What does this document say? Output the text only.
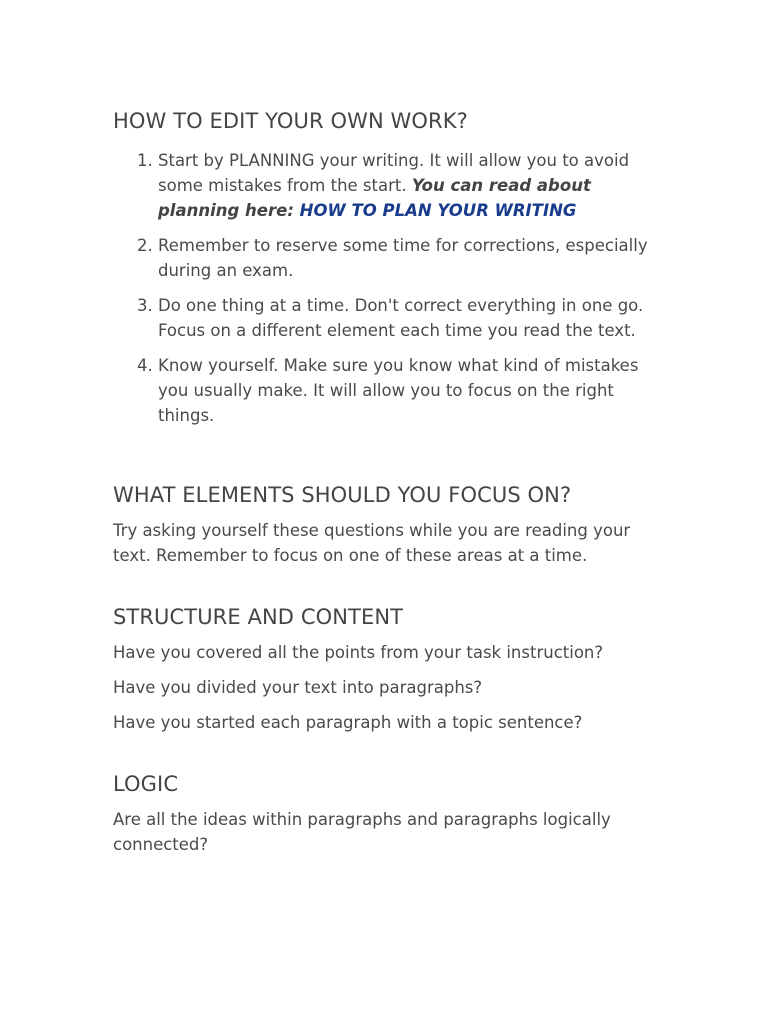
HOW TO EDIT YOUR OWN WORK?
1. Start by PLANNING your writing. It will allow you to avoid some mistakes from the start. You can read about planning here: HOW TO PLAN YOUR WRITING
2. Remember to reserve some time for corrections, especially during an exam.
3. Do one thing at a time. Don't correct everything in one go. Focus on a different element each time you read the text.
4. Know yourself. Make sure you know what kind of mistakes you usually make. It will allow you to focus on the right things.
WHAT ELEMENTS SHOULD YOU FOCUS ON?

Try asking yourself these questions while you are reading your text. Remember to focus on one of these areas at a time.

STRUCTURE AND CONTENT

Have you covered all the points from your task instruction?

Have you divided your text into paragraphs?

Have you started each paragraph with a topic sentence?

LOGIC

Are all the ideas within paragraphs and paragraphs logically connected?
